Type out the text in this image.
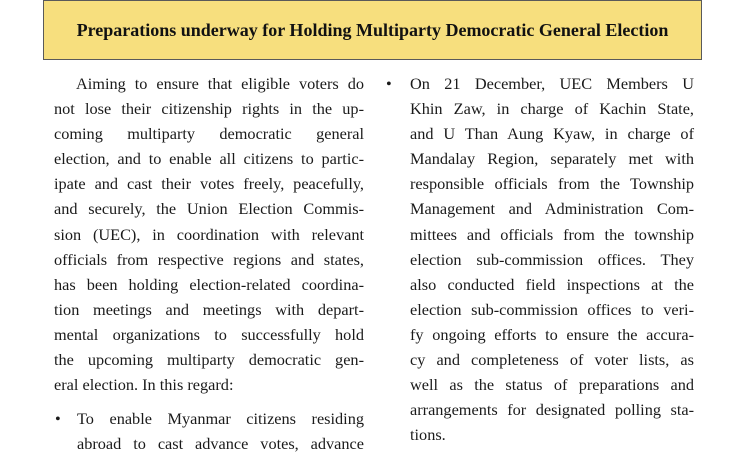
Preparations underway for Holding Multiparty Democratic General Election
Aiming to ensure that eligible voters do
not lose their citizenship rights in the up-
coming multiparty democratic general
election, and to enable all citizens to partic-
ipate and cast their votes freely, peacefully,
and securely, the Union Election Commis-
sion (UEC), in coordination with relevant
officials from respective regions and states,
has been holding election-related coordina-
tion meetings and meetings with depart-
mental organizations to successfully hold
the upcoming multiparty democratic gen-
eral election. In this regard:
• To enable Myanmar citizens residing
abroad to cast advance votes, advance
• On 21 December, UEC Members U
Khin Zaw, in charge of Kachin State,
and U Than Aung Kyaw, in charge of
Mandalay Region, separately met with
responsible officials from the Township
Management and Administration Com-
mittees and officials from the township
election sub-commission offices. They
also conducted field inspections at the
election sub-commission offices to veri-
fy ongoing efforts to ensure the accura-
cy and completeness of voter lists, as
well as the status of preparations and
arrangements for designated polling sta-
tions.
